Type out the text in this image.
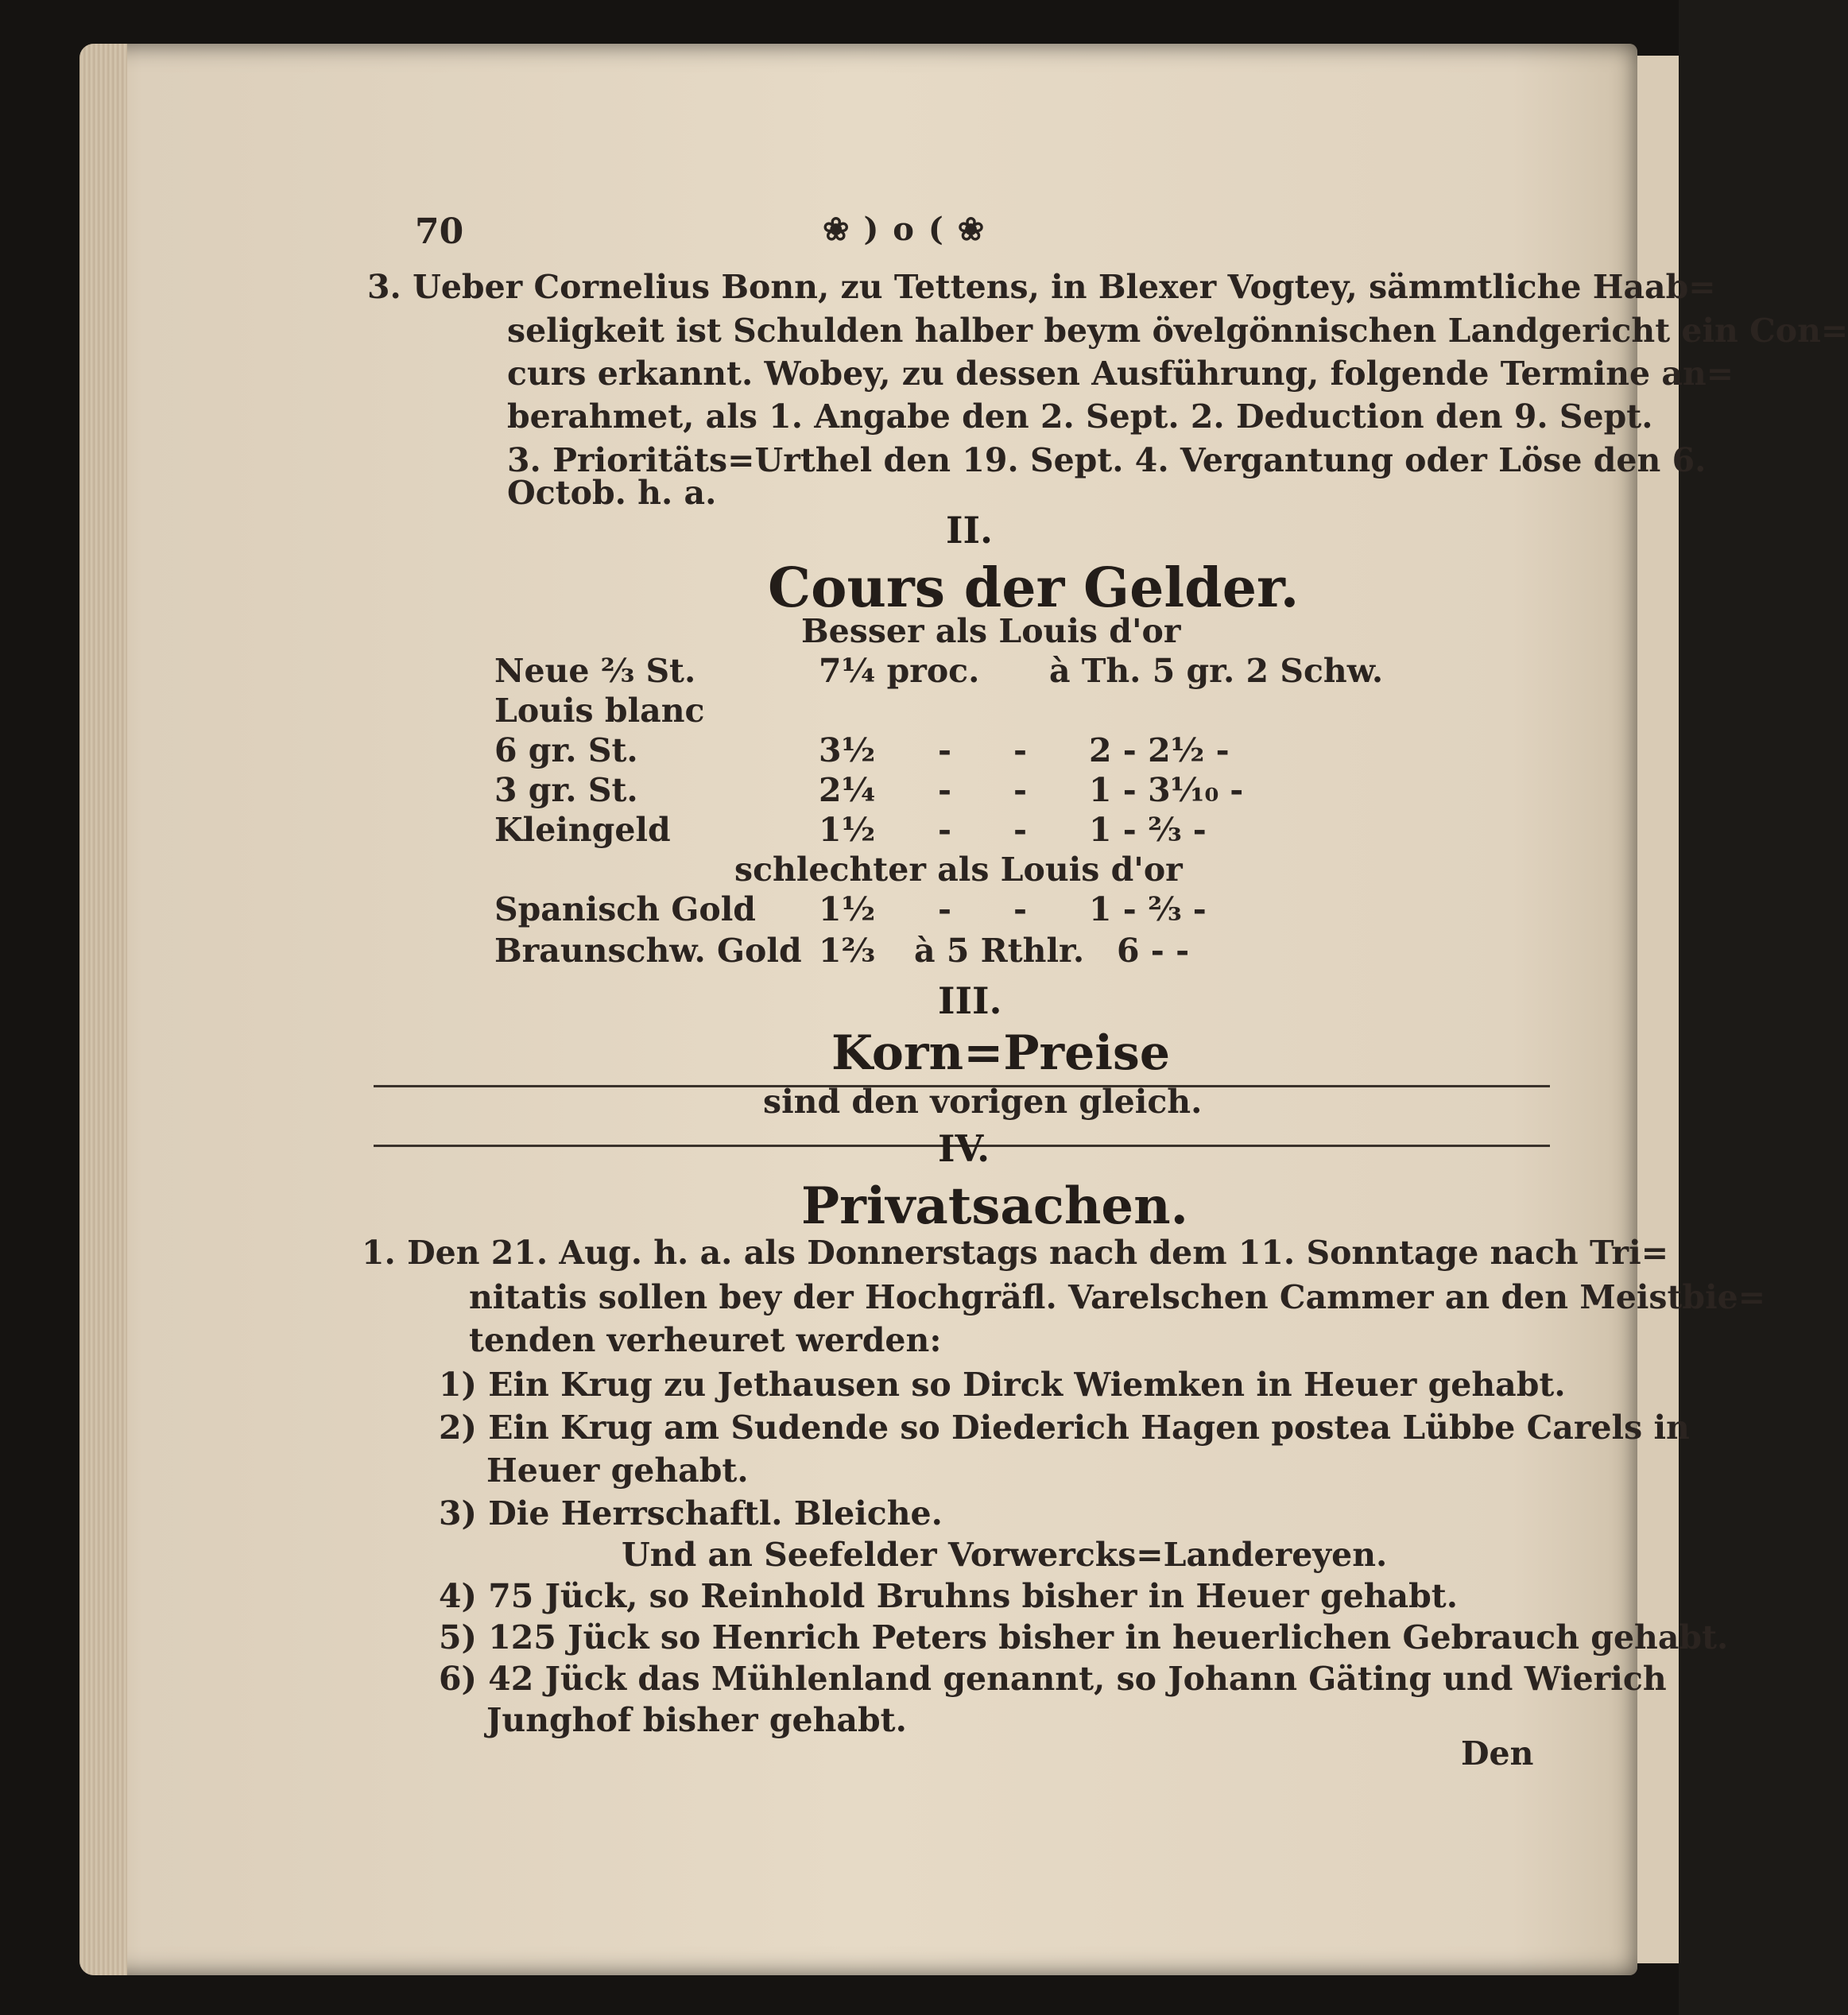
70	❀ ) o ( ❀
3. Ueber Cornelius Bonn, zu Tettens, in Blexer Vogtey, sämmtliche Haab=
seligkeit ist Schulden halber beym övelgönnischen Landgericht ein Con=
curs erkannt. Wobey, zu dessen Ausführung, folgende Termine an=
berahmet, als 1. Angabe den 2. Sept. 2. Deduction den 9. Sept.
3. Prioritäts=Urthel den 19. Sept. 4. Vergantung oder Löse den 6.
Octob. h. a.
II.
Cours der Gelder.
Besser als Louis d'or
Neue ⅔ St.	7¼ proc. à Th. 5 gr. 2 Schw.
Louis blanc
6 gr. St.	3½ - - 2 - 2½ -
3 gr. St.	2¼ - - 1 - 3⅒ -
Kleingeld	1½ - - 1 - ⅔ -
Spanisch Gold 1½ - - 1 - ⅔ -
Braunschw. Gold 1⅔ à 5 Rthlr. 6 - -
schlechter als Louis d'or
III.
Korn=Preise
sind den vorigen gleich.
IV.
Privatsachen.
1. Den 21. Aug. h. a. als Donnerstags nach dem 11. Sonntage nach Tri=
nitatis sollen bey der Hochgräfl. Varelschen Cammer an den Meistbie=
tenden verheuret werden:
1) Ein Krug zu Jethausen so Dirck Wiemken in Heuer gehabt.
2) Ein Krug am Sudende so Diederich Hagen postea Lübbe Carels in
Heuer gehabt.
3) Die Herrschaftl. Bleiche.
Und an Seefelder Vorwercks=Landereyen.
4) 75 Jück, so Reinhold Bruhns bisher in Heuer gehabt.
5) 125 Jück so Henrich Peters bisher in heuerlichen Gebrauch gehabt.
6) 42 Jück das Mühlenland genannt, so Johann Gäting und Wierich
Junghof bisher gehabt.
Den
